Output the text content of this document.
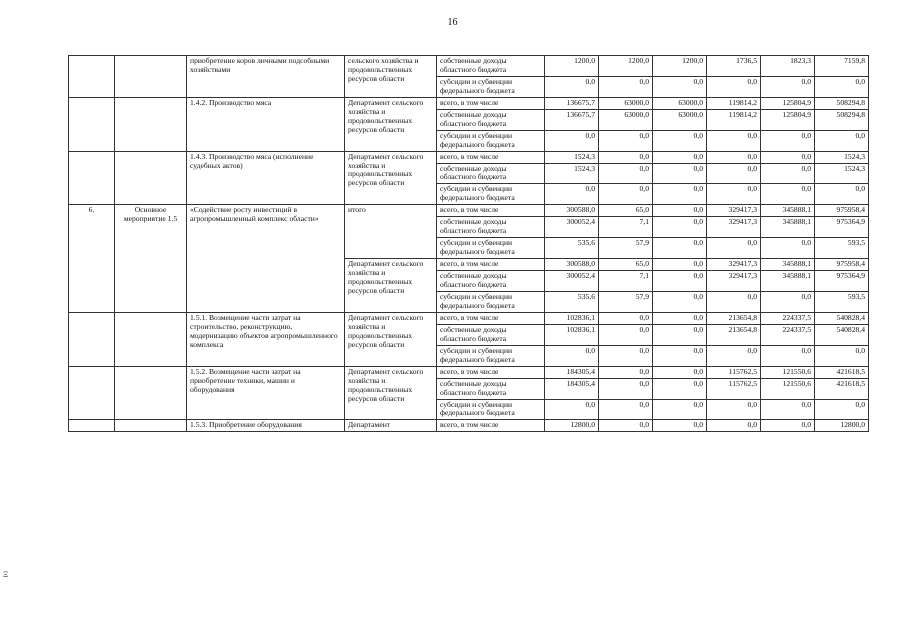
16
		приобретение коров личными подсобными хозяйствами	сельского хозяйства и продовольственных ресурсов области	собственные доходы областного бюджета	1200,0	1200,0	1200,0	1736,5	1823,3	7159,8
				субсидии и субвенции федерального бюджета	0,0	0,0	0,0	0,0	0,0	0,0
		1.4.2. Производство мяса	Департамент сельского хозяйства и продовольственных ресурсов области	всего, в том числе	136675,7	63000,0	63000,0	119814,2	125804,9	508294,8
				собственные доходы областного бюджета	136675,7	63000,0	63000,0	119814,2	125804,9	508294,8
				субсидии и субвенции федерального бюджета	0,0	0,0	0,0	0,0	0,0	0,0
		1.4.3. Производство мяса (исполнение судебных актов)	Департамент сельского хозяйства и продовольственных ресурсов области	всего, в том числе	1524,3	0,0	0,0	0,0	0,0	1524,3
				собственные доходы областного бюджета	1524,3	0,0	0,0	0,0	0,0	1524,3
				субсидии и субвенции федерального бюджета	0,0	0,0	0,0	0,0	0,0	0,0
6.	Основное мероприятие 1.5	«Содействие росту инвестиций в агропромышленный комплекс области»	итого	всего, в том числе	300588,0	65,0	0,0	329417,3	345888,1	975958,4
				собственные доходы областного бюджета	300052,4	7,1	0,0	329417,3	345888,1	975364,9
				субсидии и субвенции федерального бюджета	535,6	57,9	0,0	0,0	0,0	593,5
			Департамент сельского хозяйства и продовольственных ресурсов области	всего, в том числе	300588,0	65,0	0,0	329417,3	345888,1	975958,4
				собственные доходы областного бюджета	300052,4	7,1	0,0	329417,3	345888,1	975364,9
				субсидии и субвенции федерального бюджета	535,6	57,9	0,0	0,0	0,0	593,5
		1.5.1. Возмещение части затрат на строительство, реконструкцию, модернизацию объектов агропромышленного комплекса	Департамент сельского хозяйства и продовольственных ресурсов области	всего, в том числе	102836,1	0,0	0,0	213654,8	224337,5	540828,4
				собственные доходы областного бюджета	102836,1	0,0	0,0	213654,8	224337,5	540828,4
				субсидии и субвенции федерального бюджета	0,0	0,0	0,0	0,0	0,0	0,0
		1.5.2. Возмещение части затрат на приобретение техники, машин и оборудования	Департамент сельского хозяйства и продовольственных ресурсов области	всего, в том числе	184305,4	0,0	0,0	115762,5	121550,6	421618,5
				собственные доходы областного бюджета	184305,4	0,0	0,0	115762,5	121550,6	421618,5
				субсидии и субвенции федерального бюджета	0,0	0,0	0,0	0,0	0,0	0,0
		1.5.3. Приобретение оборудования	Департамент	всего, в том числе	12800,0	0,0	0,0	0,0	0,0	12800,0
Ξ
